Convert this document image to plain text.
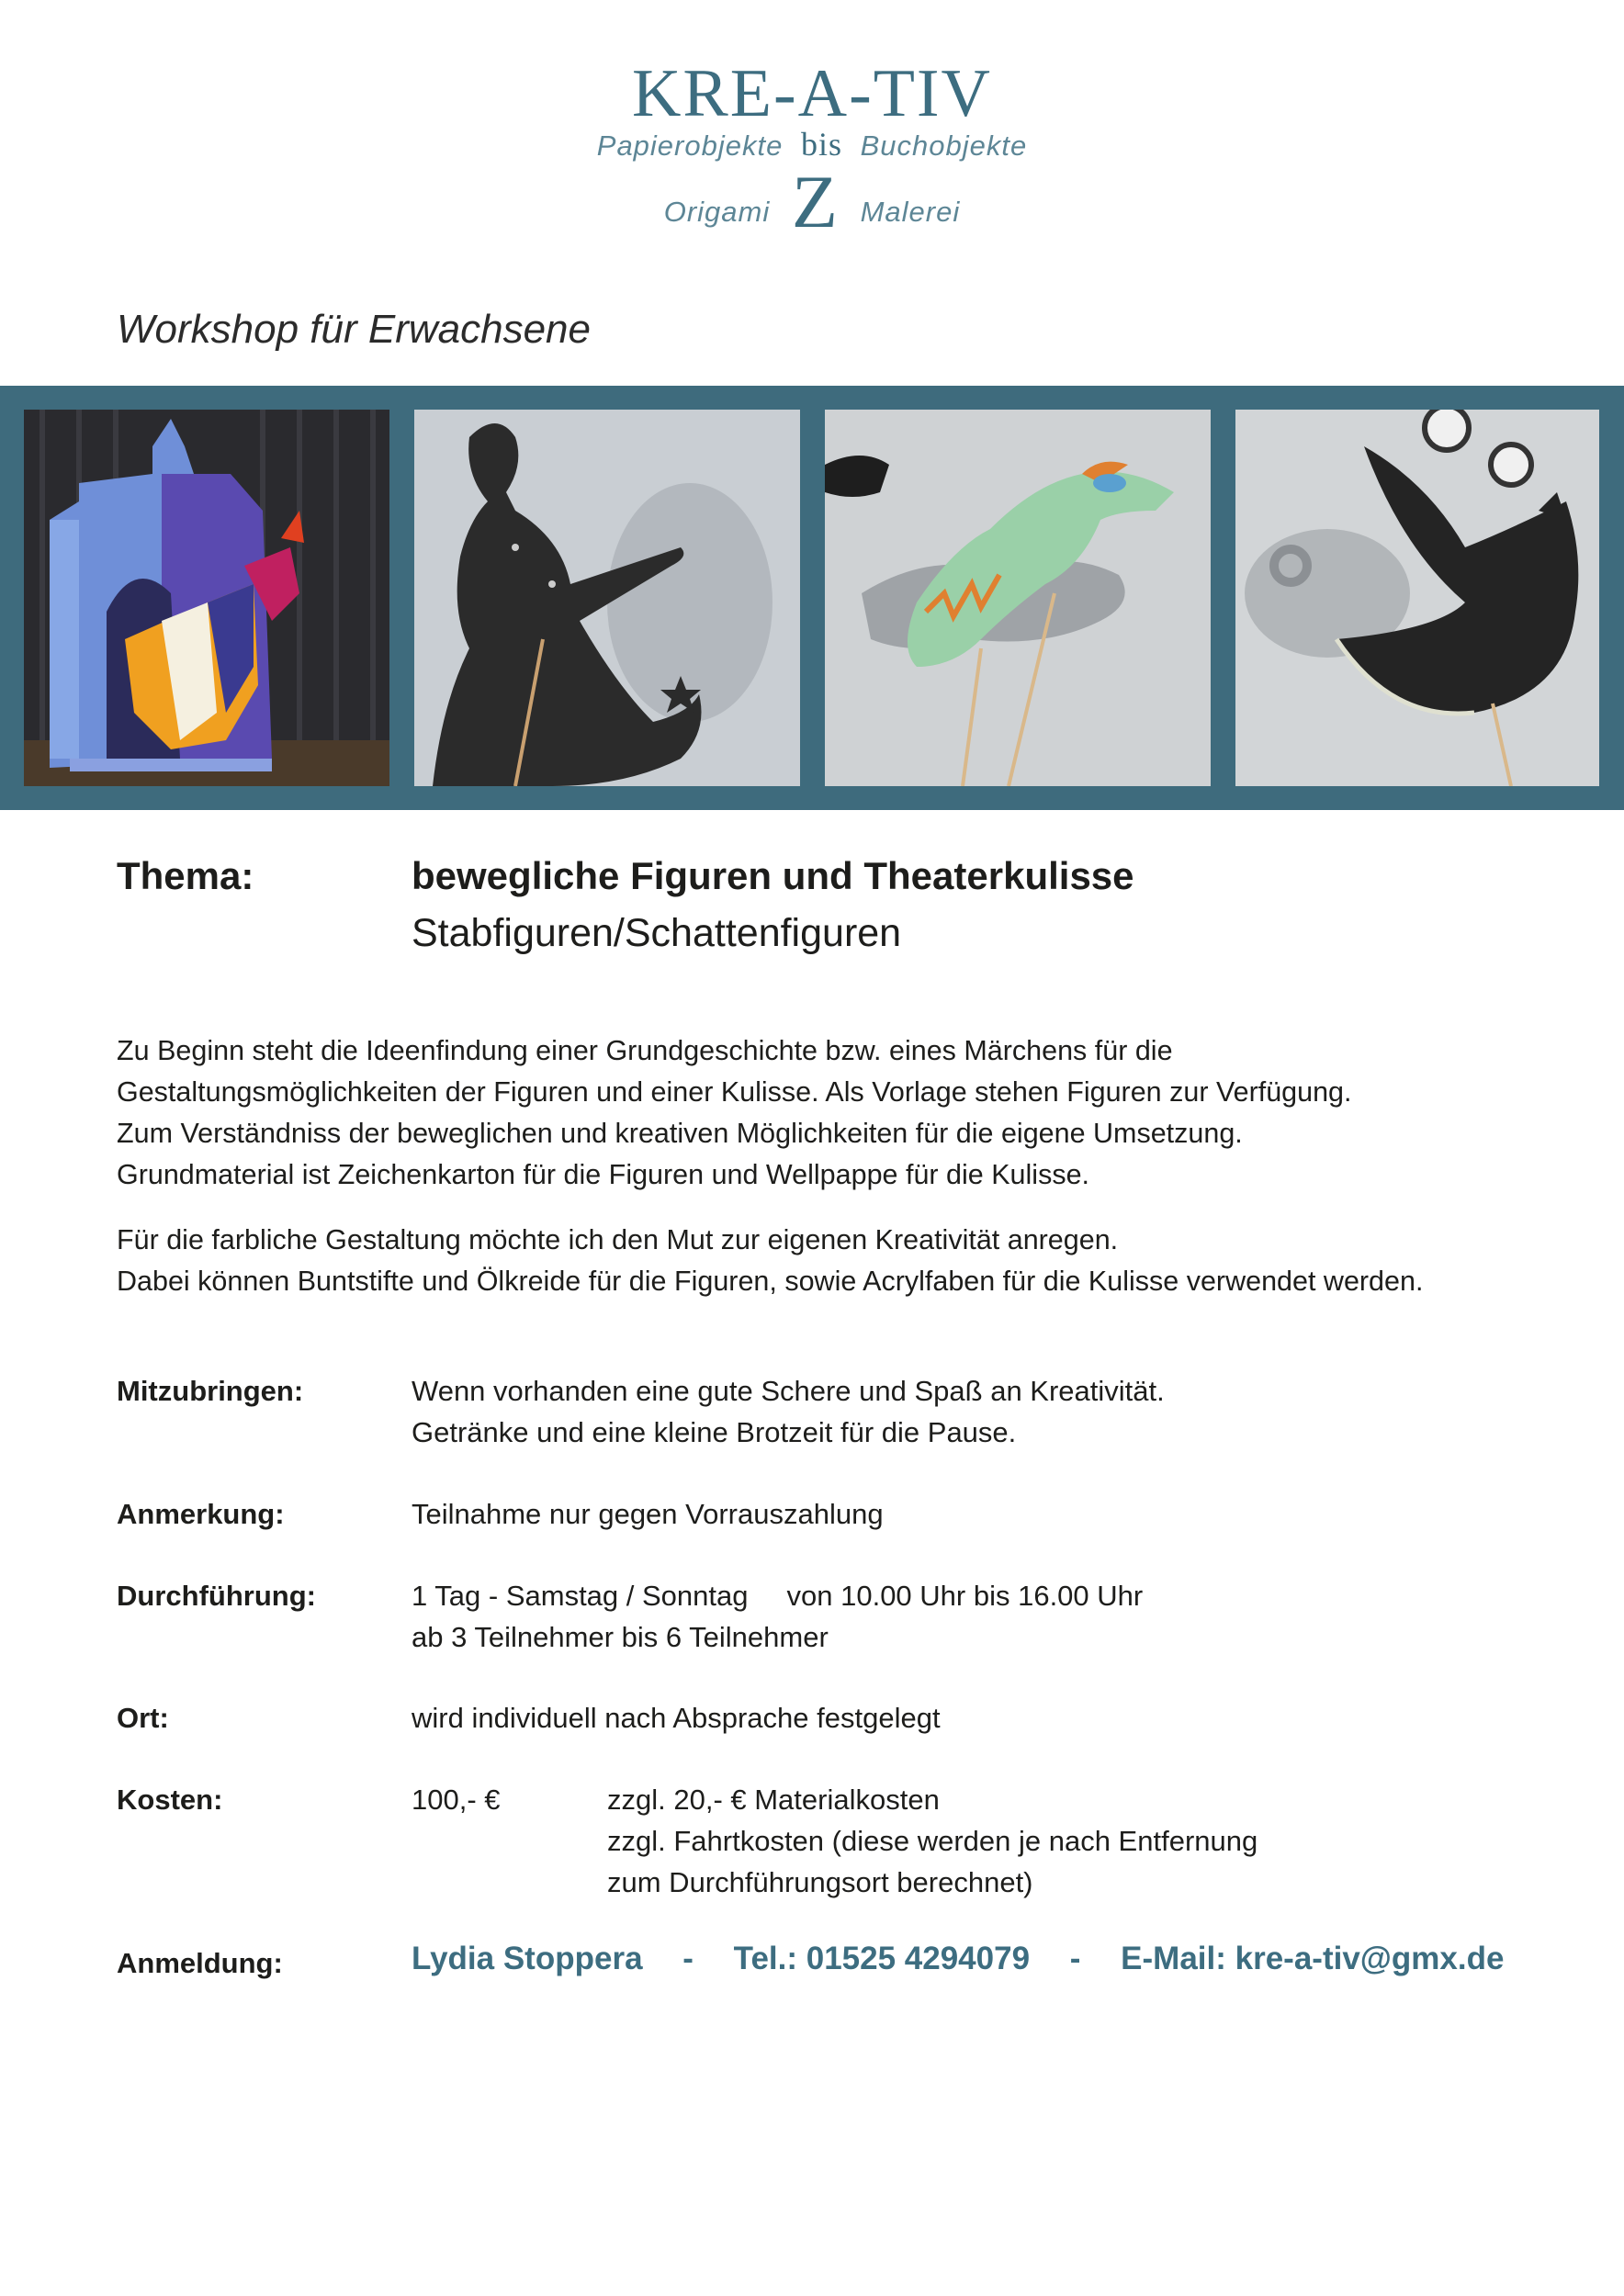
KRE-A-TIV
Papierobjekte bis Buchobjekte
Origami Z Malerei
Workshop für Erwachsene
Thema:	bewegliche Figuren und Theaterkulisse
Stabfiguren/Schattenfiguren
Zu Beginn steht die Ideenfindung einer Grundgeschichte bzw. eines Märchens für die
Gestaltungsmöglichkeiten der Figuren und einer Kulisse. Als Vorlage stehen Figuren zur Verfügung.
Zum Verständniss der beweglichen und kreativen Möglichkeiten für die eigene Umsetzung.
Grundmaterial ist Zeichenkarton für die Figuren und Wellpappe für die Kulisse.
Für die farbliche Gestaltung möchte ich den Mut zur eigenen Kreativität anregen.
Dabei können Buntstifte und Ölkreide für die Figuren, sowie Acrylfaben für die Kulisse verwendet werden.
Mitzubringen:	Wenn vorhanden eine gute Schere und Spaß an Kreativität.
Getränke und eine kleine Brotzeit für die Pause.
Anmerkung:	Teilnahme nur gegen Vorrauszahlung
Durchführung:	1 Tag - Samstag / Sonntag von 10.00 Uhr bis 16.00 Uhr
ab 3 Teilnehmer bis 6 Teilnehmer
Ort:	wird individuell nach Absprache festgelegt
Kosten:	100,- €	zzgl. 20,- € Materialkosten
zzgl. Fahrtkosten (diese werden je nach Entfernung
zum Durchführungsort berechnet)
Anmeldung:	Lydia Stoppera - Tel.: 01525 4294079 - E-Mail: kre-a-tiv@gmx.de
